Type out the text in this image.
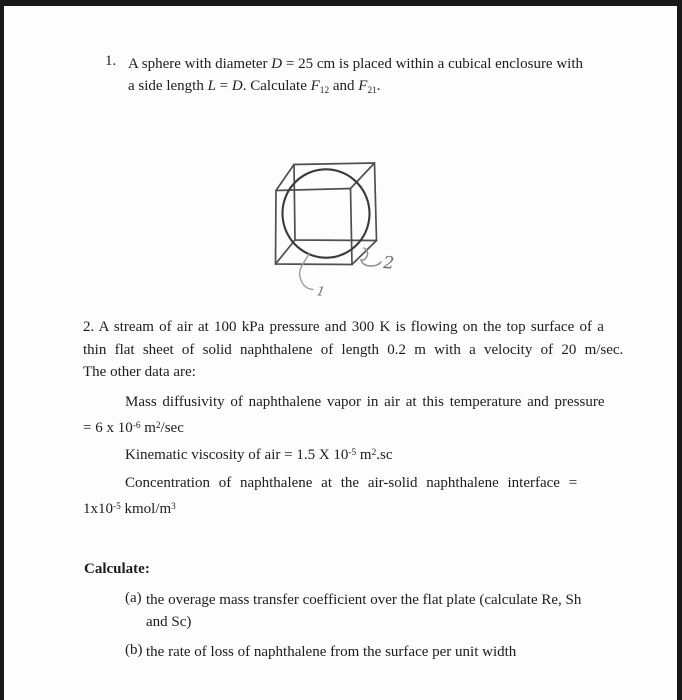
1. A sphere with diameter D = 25 cm is placed within a cubical enclosure with
a side length L = D. Calculate $F_{12}$ and $F_{21}$.
1
2
2. A stream of air at 100 kPa pressure and 300 K is flowing on the top surface of a
thin flat sheet of solid naphthalene of length 0.2 m with a velocity of 20 m/sec.
The other data are:
Mass diffusivity of naphthalene vapor in air at this temperature and pressure
= 6 x $10^{-6}$ $m^2/\sec$
Kinematic viscosity of air = 1.5 X $10^{-5}$ $m^2.sc$
Concentration of naphthalene at the air-solid naphthalene interface =
$1x10^{-5}$ kmol/$m^3$
Calculate:
(a) the overage mass transfer coefficient over the flat plate (calculate Re, Sh
and Sc)
(b) the rate of loss of naphthalene from the surface per unit width
